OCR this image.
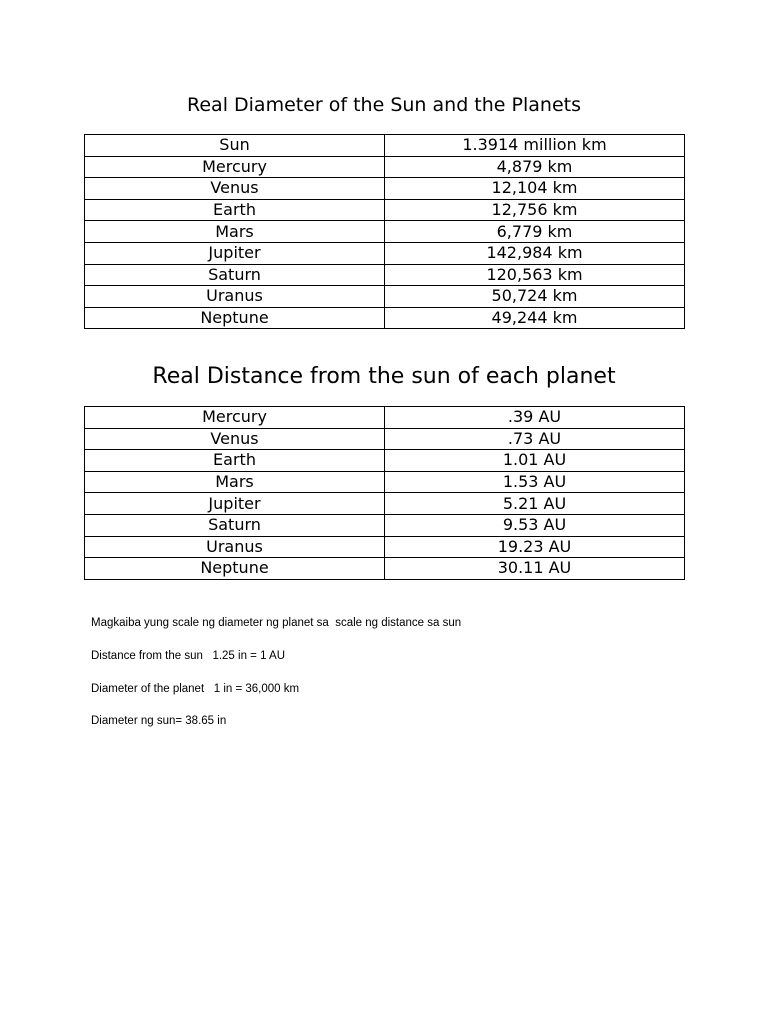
Real Diameter of the Sun and the Planets
Sun	1.3914 million km
Mercury	4,879 km
Venus	12,104 km
Earth	12,756 km
Mars	6,779 km
Jupiter	142,984 km
Saturn	120,563 km
Uranus	50,724 km
Neptune	49,244 km
Real Distance from the sun of each planet
Mercury	.39 AU
Venus	.73 AU
Earth	1.01 AU
Mars	1.53 AU
Jupiter	5.21 AU
Saturn	9.53 AU
Uranus	19.23 AU
Neptune	30.11 AU

Magkaiba yung scale ng diameter ng planet sa  scale ng distance sa sun

Distance from the sun   1.25 in = 1 AU

Diameter of the planet   1 in = 36,000 km

Diameter ng sun= 38.65 in
